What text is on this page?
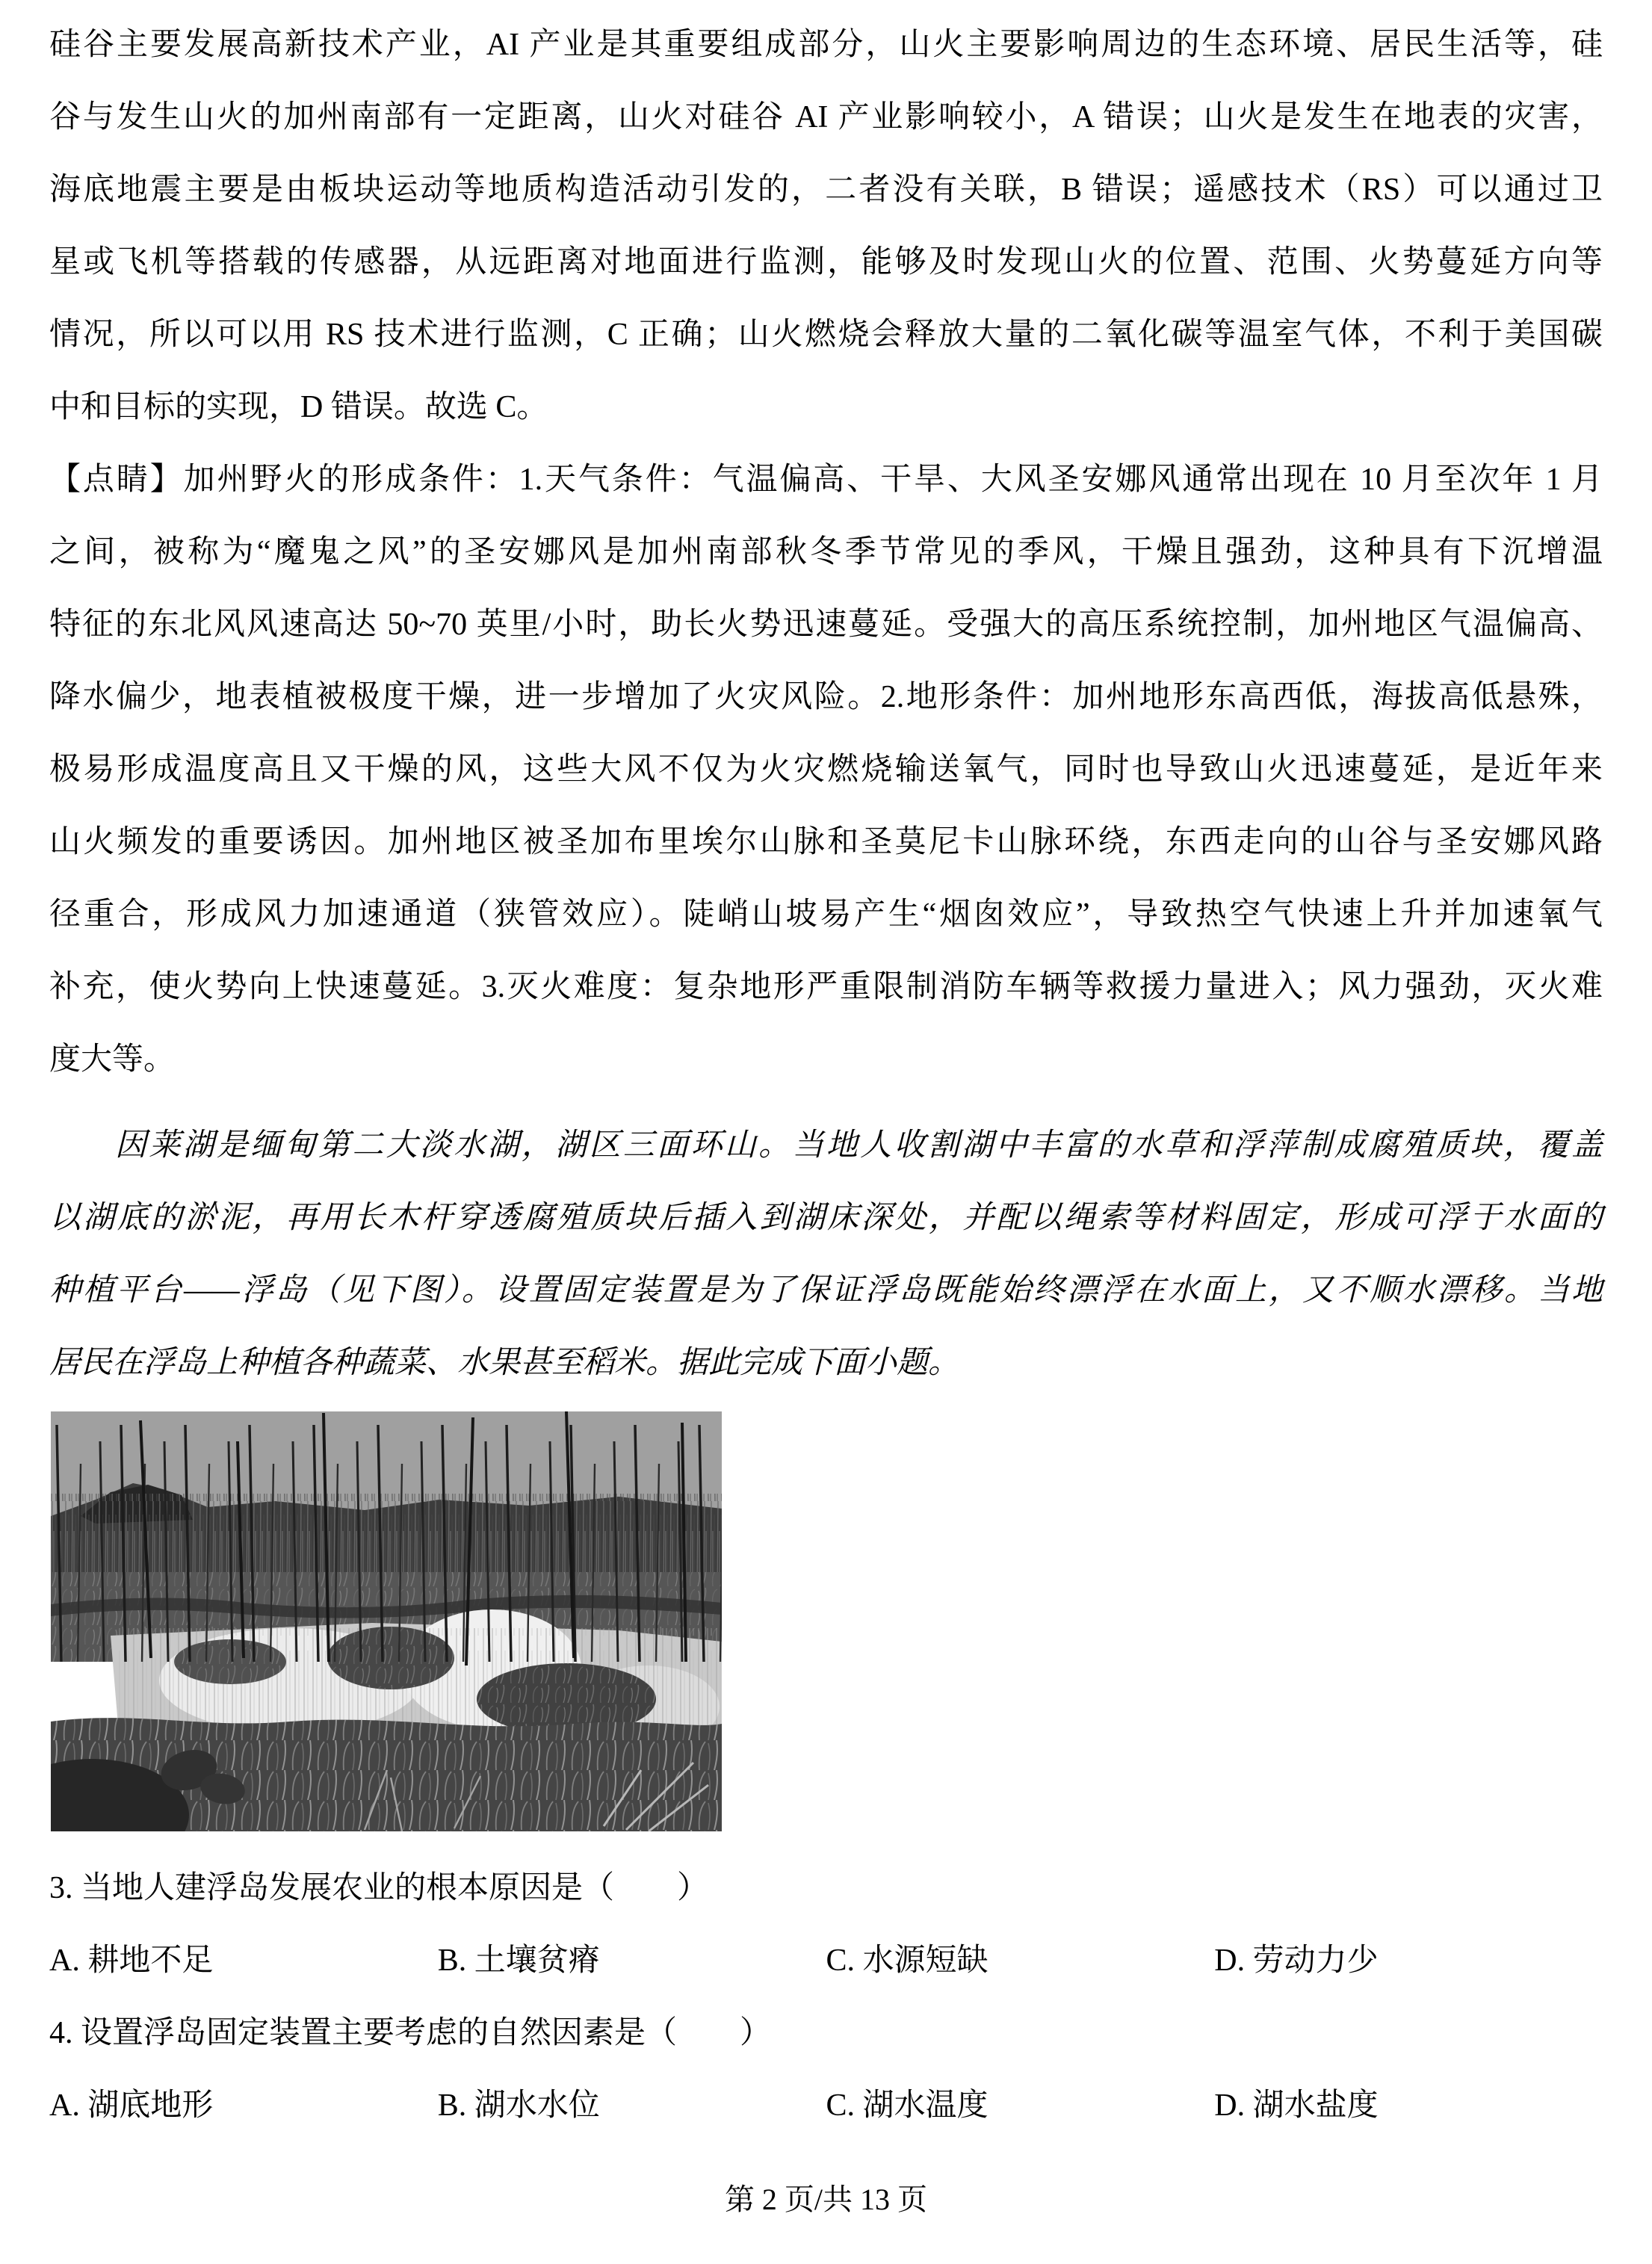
硅谷主要发展高新技术产业，AI 产业是其重要组成部分，山火主要影响周边的生态环境、居民生活等，硅
谷与发生山火的加州南部有一定距离，山火对硅谷 AI 产业影响较小，A 错误；山火是发生在地表的灾害，
海底地震主要是由板块运动等地质构造活动引发的，二者没有关联，B 错误；遥感技术（RS）可以通过卫
星或飞机等搭载的传感器，从远距离对地面进行监测，能够及时发现山火的位置、范围、火势蔓延方向等
情况，所以可以用 RS 技术进行监测，C 正确；山火燃烧会释放大量的二氧化碳等温室气体，不利于美国碳
中和目标的实现，D 错误。故选 C。
【点睛】加州野火的形成条件：1.天气条件：气温偏高、干旱、大风圣安娜风通常出现在 10 月至次年 1 月
之间，被称为“魔鬼之风”的圣安娜风是加州南部秋冬季节常见的季风，干燥且强劲，这种具有下沉增温
特征的东北风风速高达 50~70 英里/小时，助长火势迅速蔓延。受强大的高压系统控制，加州地区气温偏高、
降水偏少，地表植被极度干燥，进一步增加了火灾风险。2.地形条件：加州地形东高西低，海拔高低悬殊，
极易形成温度高且又干燥的风，这些大风不仅为火灾燃烧输送氧气，同时也导致山火迅速蔓延，是近年来
山火频发的重要诱因。加州地区被圣加布里埃尔山脉和圣莫尼卡山脉环绕，东西走向的山谷与圣安娜风路
径重合，形成风力加速通道（狭管效应）。陡峭山坡易产生“烟囱效应”，导致热空气快速上升并加速氧气
补充，使火势向上快速蔓延。3.灭火难度：复杂地形严重限制消防车辆等救援力量进入；风力强劲，灭火难
度大等。
因莱湖是缅甸第二大淡水湖，湖区三面环山。当地人收割湖中丰富的水草和浮萍制成腐殖质块，覆盖
以湖底的淤泥，再用长木杆穿透腐殖质块后插入到湖床深处，并配以绳索等材料固定，形成可浮于水面的
种植平台——浮岛（见下图）。设置固定装置是为了保证浮岛既能始终漂浮在水面上，又不顺水漂移。当地
居民在浮岛上种植各种蔬菜、水果甚至稻米。据此完成下面小题。
3. 当地人建浮岛发展农业的根本原因是（　　）
A. 耕地不足	B. 土壤贫瘠	C. 水源短缺	D. 劳动力少
4. 设置浮岛固定装置主要考虑的自然因素是（　　）
A. 湖底地形	B. 湖水水位	C. 湖水温度	D. 湖水盐度
第 2 页/共 13 页
